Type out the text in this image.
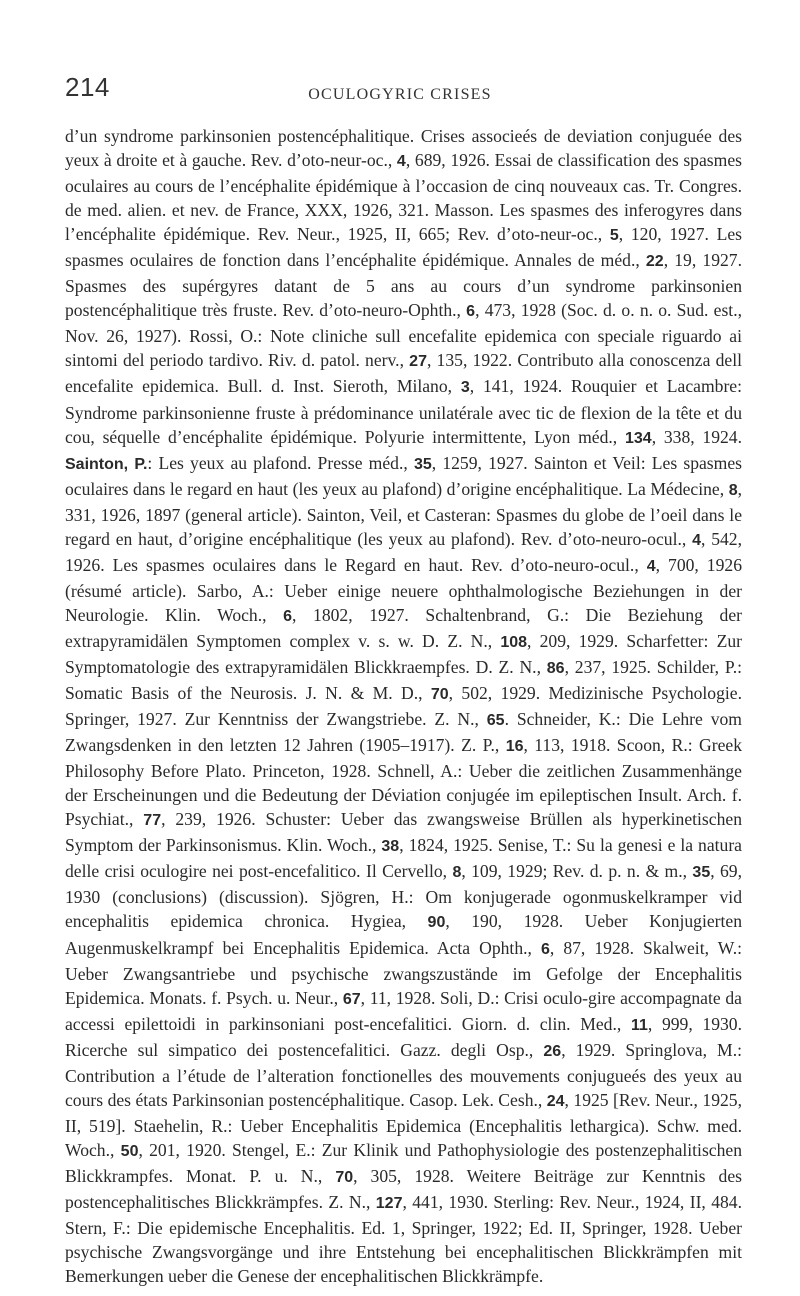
214	OCULOGYRIC CRISES
d’un syndrome parkinsonien postencéphalitique. Crises associeés de deviation conjuguée des yeux à droite et à gauche. Rev. d’oto-neur-oc., 4, 689, 1926. Essai de classification des spasmes oculaires au cours de l’encéphalite épidémique à l’occasion de cinq nouveaux cas. Tr. Congres. de med. alien. et nev. de France, XXX, 1926, 321. Masson. Les spasmes des inferogyres dans l’encéphalite épidémique. Rev. Neur., 1925, II, 665; Rev. d’oto-neur-oc., 5, 120, 1927. Les spasmes oculaires de fonction dans l’encéphalite épidémique. Annales de méd., 22, 19, 1927. Spasmes des supérgyres datant de 5 ans au cours d’un syndrome parkinsonien postencéphalitique très fruste. Rev. d’oto-neuro-Ophth., 6, 473, 1928 (Soc. d. o. n. o. Sud. est., Nov. 26, 1927). Rossi, O.: Note cliniche sull encefalite epidemica con speciale riguardo ai sintomi del periodo tardivo. Riv. d. patol. nerv., 27, 135, 1922. Contributo alla conoscenza dell encefalite epidemica. Bull. d. Inst. Sieroth, Milano, 3, 141, 1924. Rouquier et Lacambre: Syndrome parkinsonienne fruste à prédominance unilatérale avec tic de flexion de la tête et du cou, séquelle d’encéphalite épidémique. Polyurie intermittente, Lyon méd., 134, 338, 1924. Sainton, P.: Les yeux au plafond. Presse méd., 35, 1259, 1927. Sainton et Veil: Les spasmes oculaires dans le regard en haut (les yeux au plafond) d’origine encéphalitique. La Médecine, 8, 331, 1926, 1897 (general article). Sainton, Veil, et Casteran: Spasmes du globe de l’oeil dans le regard en haut, d’origine encéphalitique (les yeux au plafond). Rev. d’oto-neuro-ocul., 4, 542, 1926. Les spasmes oculaires dans le Regard en haut. Rev. d’oto-neuro-ocul., 4, 700, 1926 (résumé article). Sarbo, A.: Ueber einige neuere ophthalmologische Beziehungen in der Neurologie. Klin. Woch., 6, 1802, 1927. Schaltenbrand, G.: Die Beziehung der extrapyramidälen Symptomen complex v. s. w. D. Z. N., 108, 209, 1929. Scharfetter: Zur Symptomatologie des extrapyramidälen Blickkraempfes. D. Z. N., 86, 237, 1925. Schilder, P.: Somatic Basis of the Neurosis. J. N. & M. D., 70, 502, 1929. Medizinische Psychologie. Springer, 1927. Zur Kenntniss der Zwangstriebe. Z. N., 65. Schneider, K.: Die Lehre vom Zwangsdenken in den letzten 12 Jahren (1905–1917). Z. P., 16, 113, 1918. Scoon, R.: Greek Philosophy Before Plato. Princeton, 1928. Schnell, A.: Ueber die zeitlichen Zusammenhänge der Erscheinungen und die Bedeutung der Déviation conjugée im epileptischen Insult. Arch. f. Psychiat., 77, 239, 1926. Schuster: Ueber das zwangsweise Brüllen als hyperkinetischen Symptom der Parkinsonismus. Klin. Woch., 38, 1824, 1925. Senise, T.: Su la genesi e la natura delle crisi oculogire nei post-encefalitico. Il Cervello, 8, 109, 1929; Rev. d. p. n. & m., 35, 69, 1930 (conclusions) (discussion). Sjögren, H.: Om konjugerade ogonmuskelkramper vid encephalitis epidemica chronica. Hygiea, 90, 190, 1928. Ueber Konjugierten Augenmuskelkrampf bei Encephalitis Epidemica. Acta Ophth., 6, 87, 1928. Skalweit, W.: Ueber Zwangsantriebe und psychische zwangszustände im Gefolge der Encephalitis Epidemica. Monats. f. Psych. u. Neur., 67, 11, 1928. Soli, D.: Crisi oculo-gire accompagnate da accessi epilettoidi in parkinsoniani post-encefalitici. Giorn. d. clin. Med., 11, 999, 1930. Ricerche sul simpatico dei postencefalitici. Gazz. degli Osp., 26, 1929. Springlova, M.: Contribution a l’étude de l’alteration fonctionelles des mouvements conjugueés des yeux au cours des états Parkinsonian postencéphalitique. Casop. Lek. Cesh., 24, 1925 [Rev. Neur., 1925, II, 519]. Staehelin, R.: Ueber Encephalitis Epidemica (Encephalitis lethargica). Schw. med. Woch., 50, 201, 1920. Stengel, E.: Zur Klinik und Pathophysiologie des postenzephalitischen Blickkrampfes. Monat. P. u. N., 70, 305, 1928. Weitere Beiträge zur Kenntnis des postencephalitisches Blickkrämpfes. Z. N., 127, 441, 1930. Sterling: Rev. Neur., 1924, II, 484. Stern, F.: Die epidemische Encephalitis. Ed. 1, Springer, 1922; Ed. II, Springer, 1928. Ueber psychische Zwangsvorgänge und ihre Entstehung bei encephalitischen Blickkrämpfen mit Bemerkungen ueber die Genese der encephalitischen Blickkrämpfe.
